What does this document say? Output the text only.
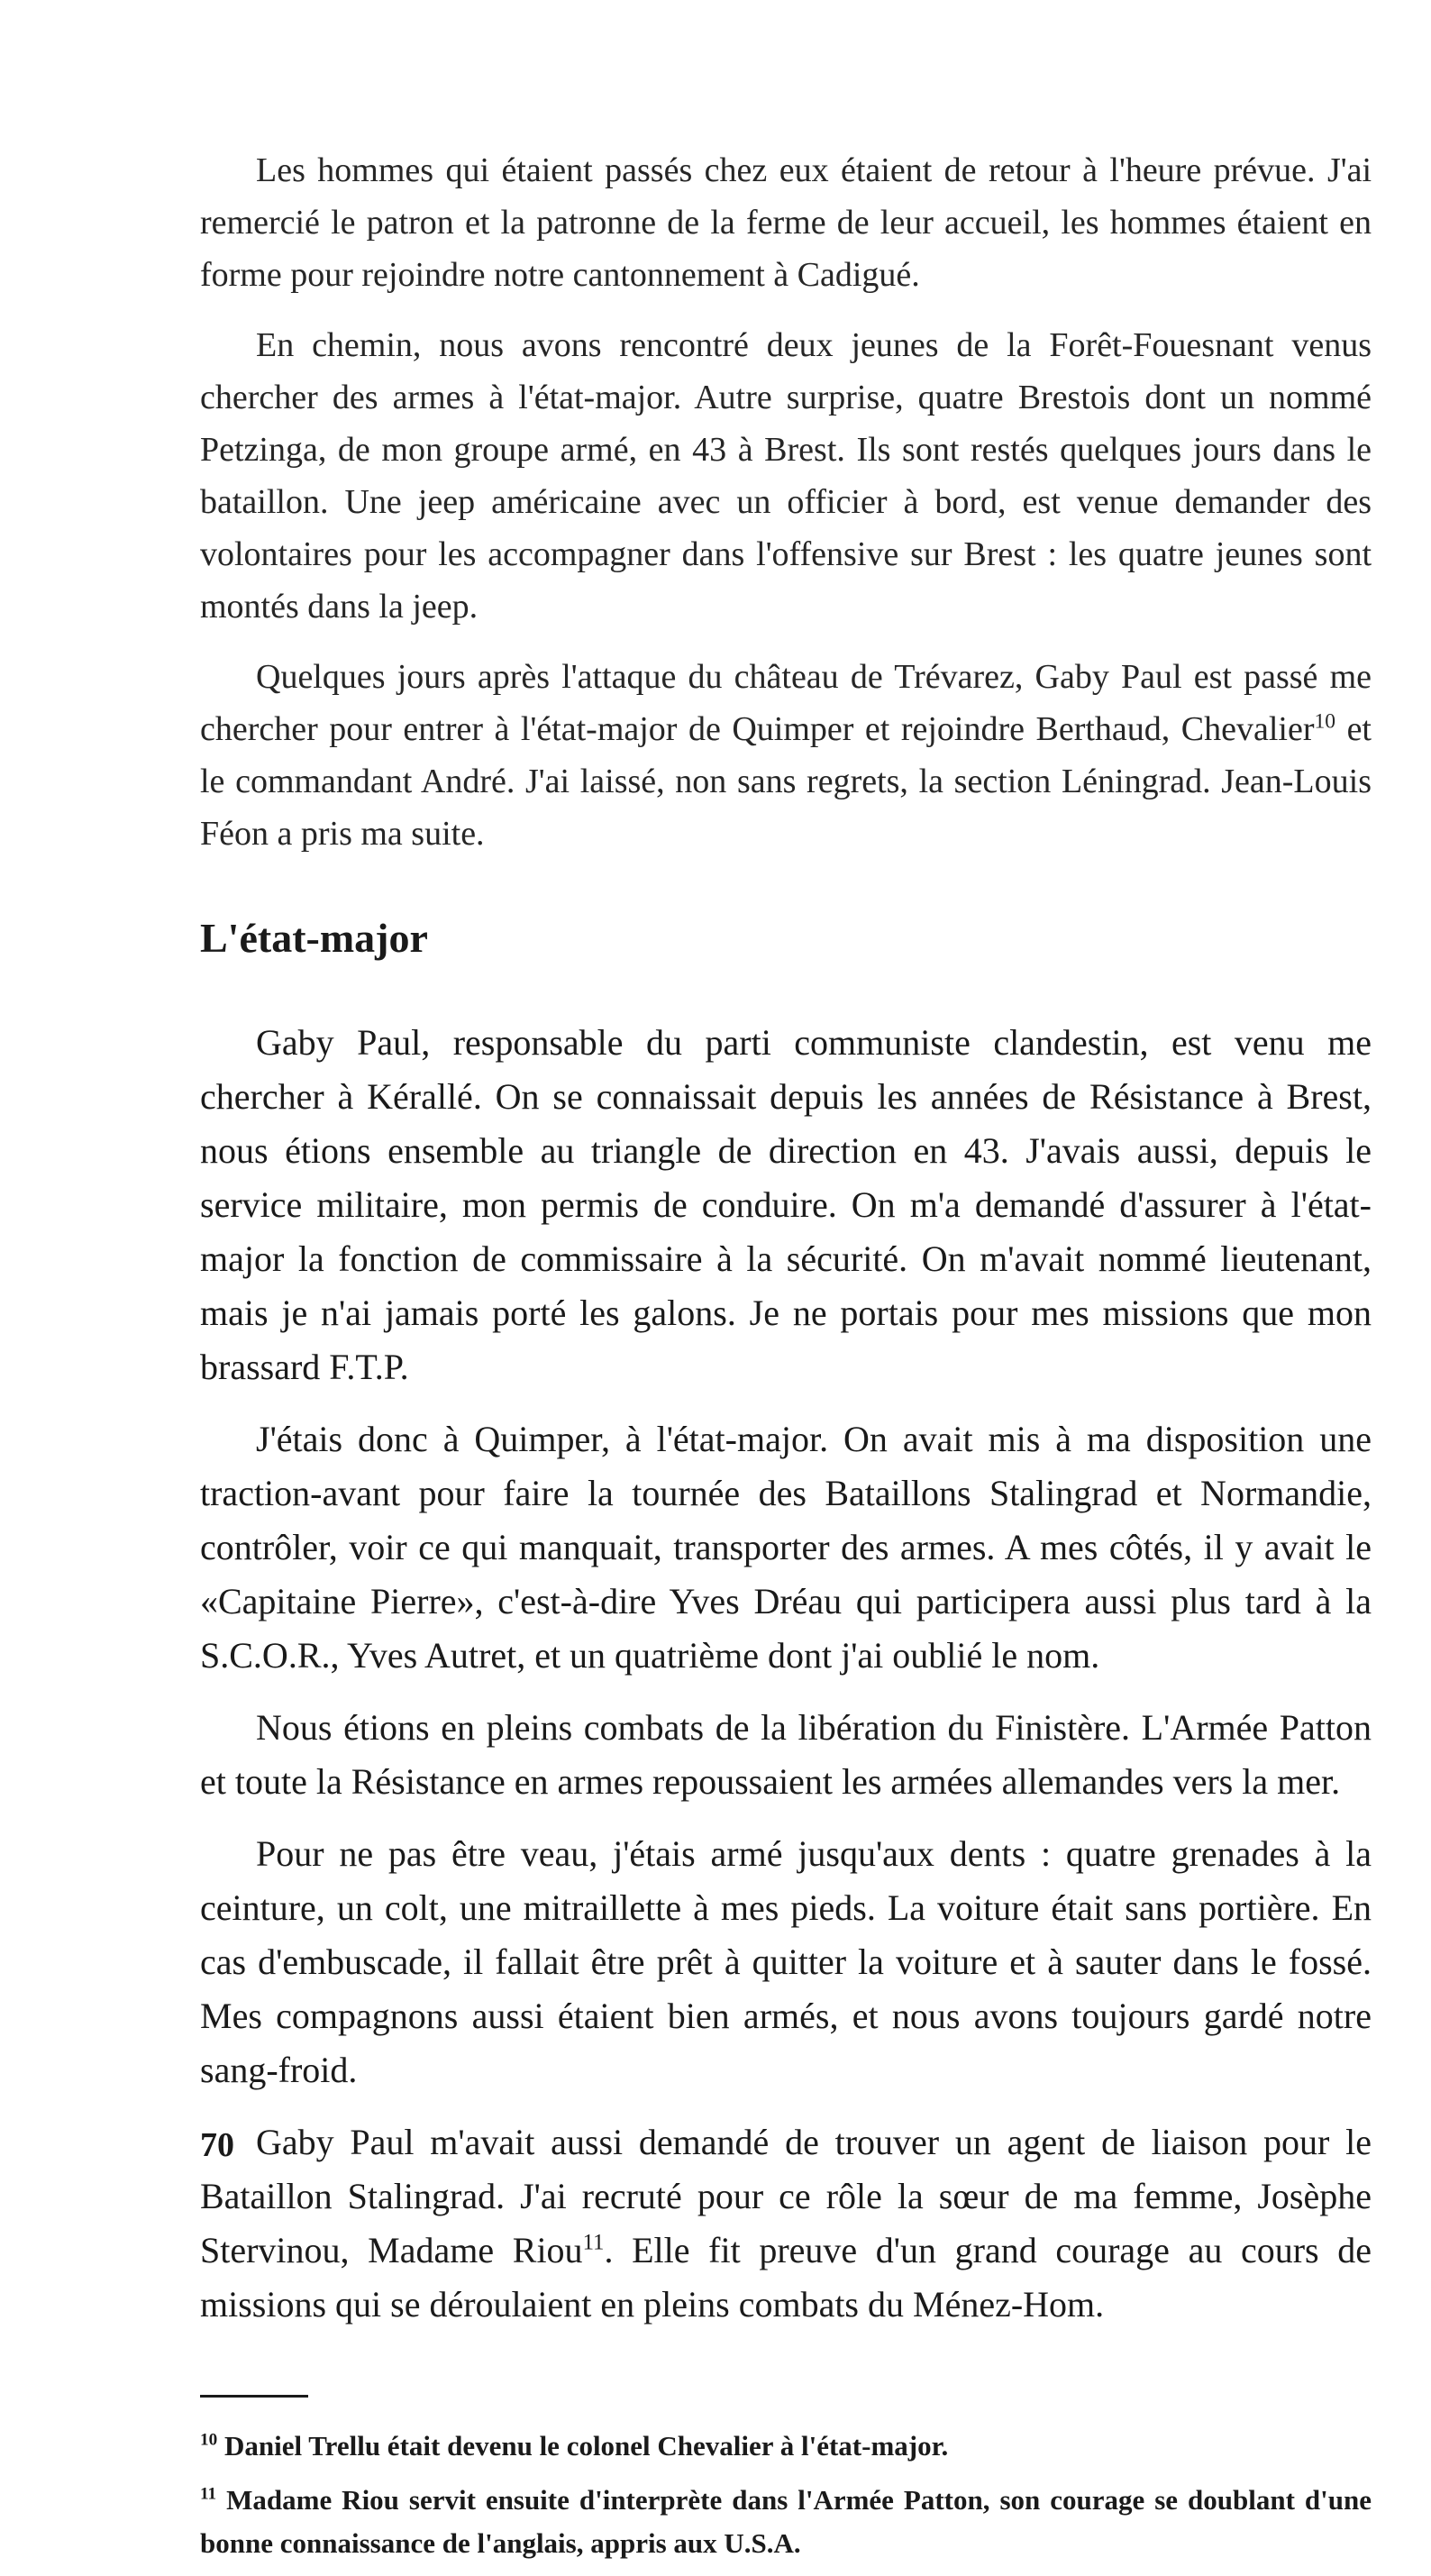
Les hommes qui étaient passés chez eux étaient de retour à l'heure prévue. J'ai remercié le patron et la patronne de la ferme de leur accueil, les hommes étaient en forme pour rejoindre notre cantonnement à Cadigué.

En chemin, nous avons rencontré deux jeunes de la Forêt-Fouesnant venus chercher des armes à l'état-major. Autre surprise, quatre Brestois dont un nommé Petzinga, de mon groupe armé, en 43 à Brest. Ils sont restés quelques jours dans le bataillon. Une jeep américaine avec un officier à bord, est venue demander des volontaires pour les accompagner dans l'offensive sur Brest : les quatre jeunes sont montés dans la jeep.

Quelques jours après l'attaque du château de Trévarez, Gaby Paul est passé me chercher pour entrer à l'état-major de Quimper et rejoindre Berthaud, Chevalier$^{10}$ et le commandant André. J'ai laissé, non sans regrets, la section Léningrad. Jean-Louis Féon a pris ma suite.

L'état-major

Gaby Paul, responsable du parti communiste clandestin, est venu me chercher à Kérallé. On se connaissait depuis les années de Résistance à Brest, nous étions ensemble au triangle de direction en 43. J'avais aussi, depuis le service militaire, mon permis de conduire. On m'a demandé d'assurer à l'état-major la fonction de commissaire à la sécurité. On m'avait nommé lieutenant, mais je n'ai jamais porté les galons. Je ne portais pour mes missions que mon brassard F.T.P.

J'étais donc à Quimper, à l'état-major. On avait mis à ma disposition une traction-avant pour faire la tournée des Bataillons Stalingrad et Normandie, contrôler, voir ce qui manquait, transporter des armes. A mes côtés, il y avait le «Capitaine Pierre», c'est-à-dire Yves Dréau qui participera aussi plus tard à la S.C.O.R., Yves Autret, et un quatrième dont j'ai oublié le nom.

Nous étions en pleins combats de la libération du Finistère. L'Armée Patton et toute la Résistance en armes repoussaient les armées allemandes vers la mer.

Pour ne pas être veau, j'étais armé jusqu'aux dents : quatre grenades à la ceinture, un colt, une mitraillette à mes pieds. La voiture était sans portière. En cas d'embuscade, il fallait être prêt à quitter la voiture et à sauter dans le fossé. Mes compagnons aussi étaient bien armés, et nous avons toujours gardé notre sang-froid.

Gaby Paul m'avait aussi demandé de trouver un agent de liaison pour le Bataillon Stalingrad. J'ai recruté pour ce rôle la sœur de ma femme, Josèphe Stervinou, Madame Riou$^{11}$. Elle fit preuve d'un grand courage au cours de missions qui se déroulaient en pleins combats du Ménez-Hom.

$^{10}$ Daniel Trellu était devenu le colonel Chevalier à l'état-major.

$^{11}$ Madame Riou servit ensuite d'interprète dans l'Armée Patton, son courage se doublant d'une bonne connaissance de l'anglais, appris aux U.S.A.

70
